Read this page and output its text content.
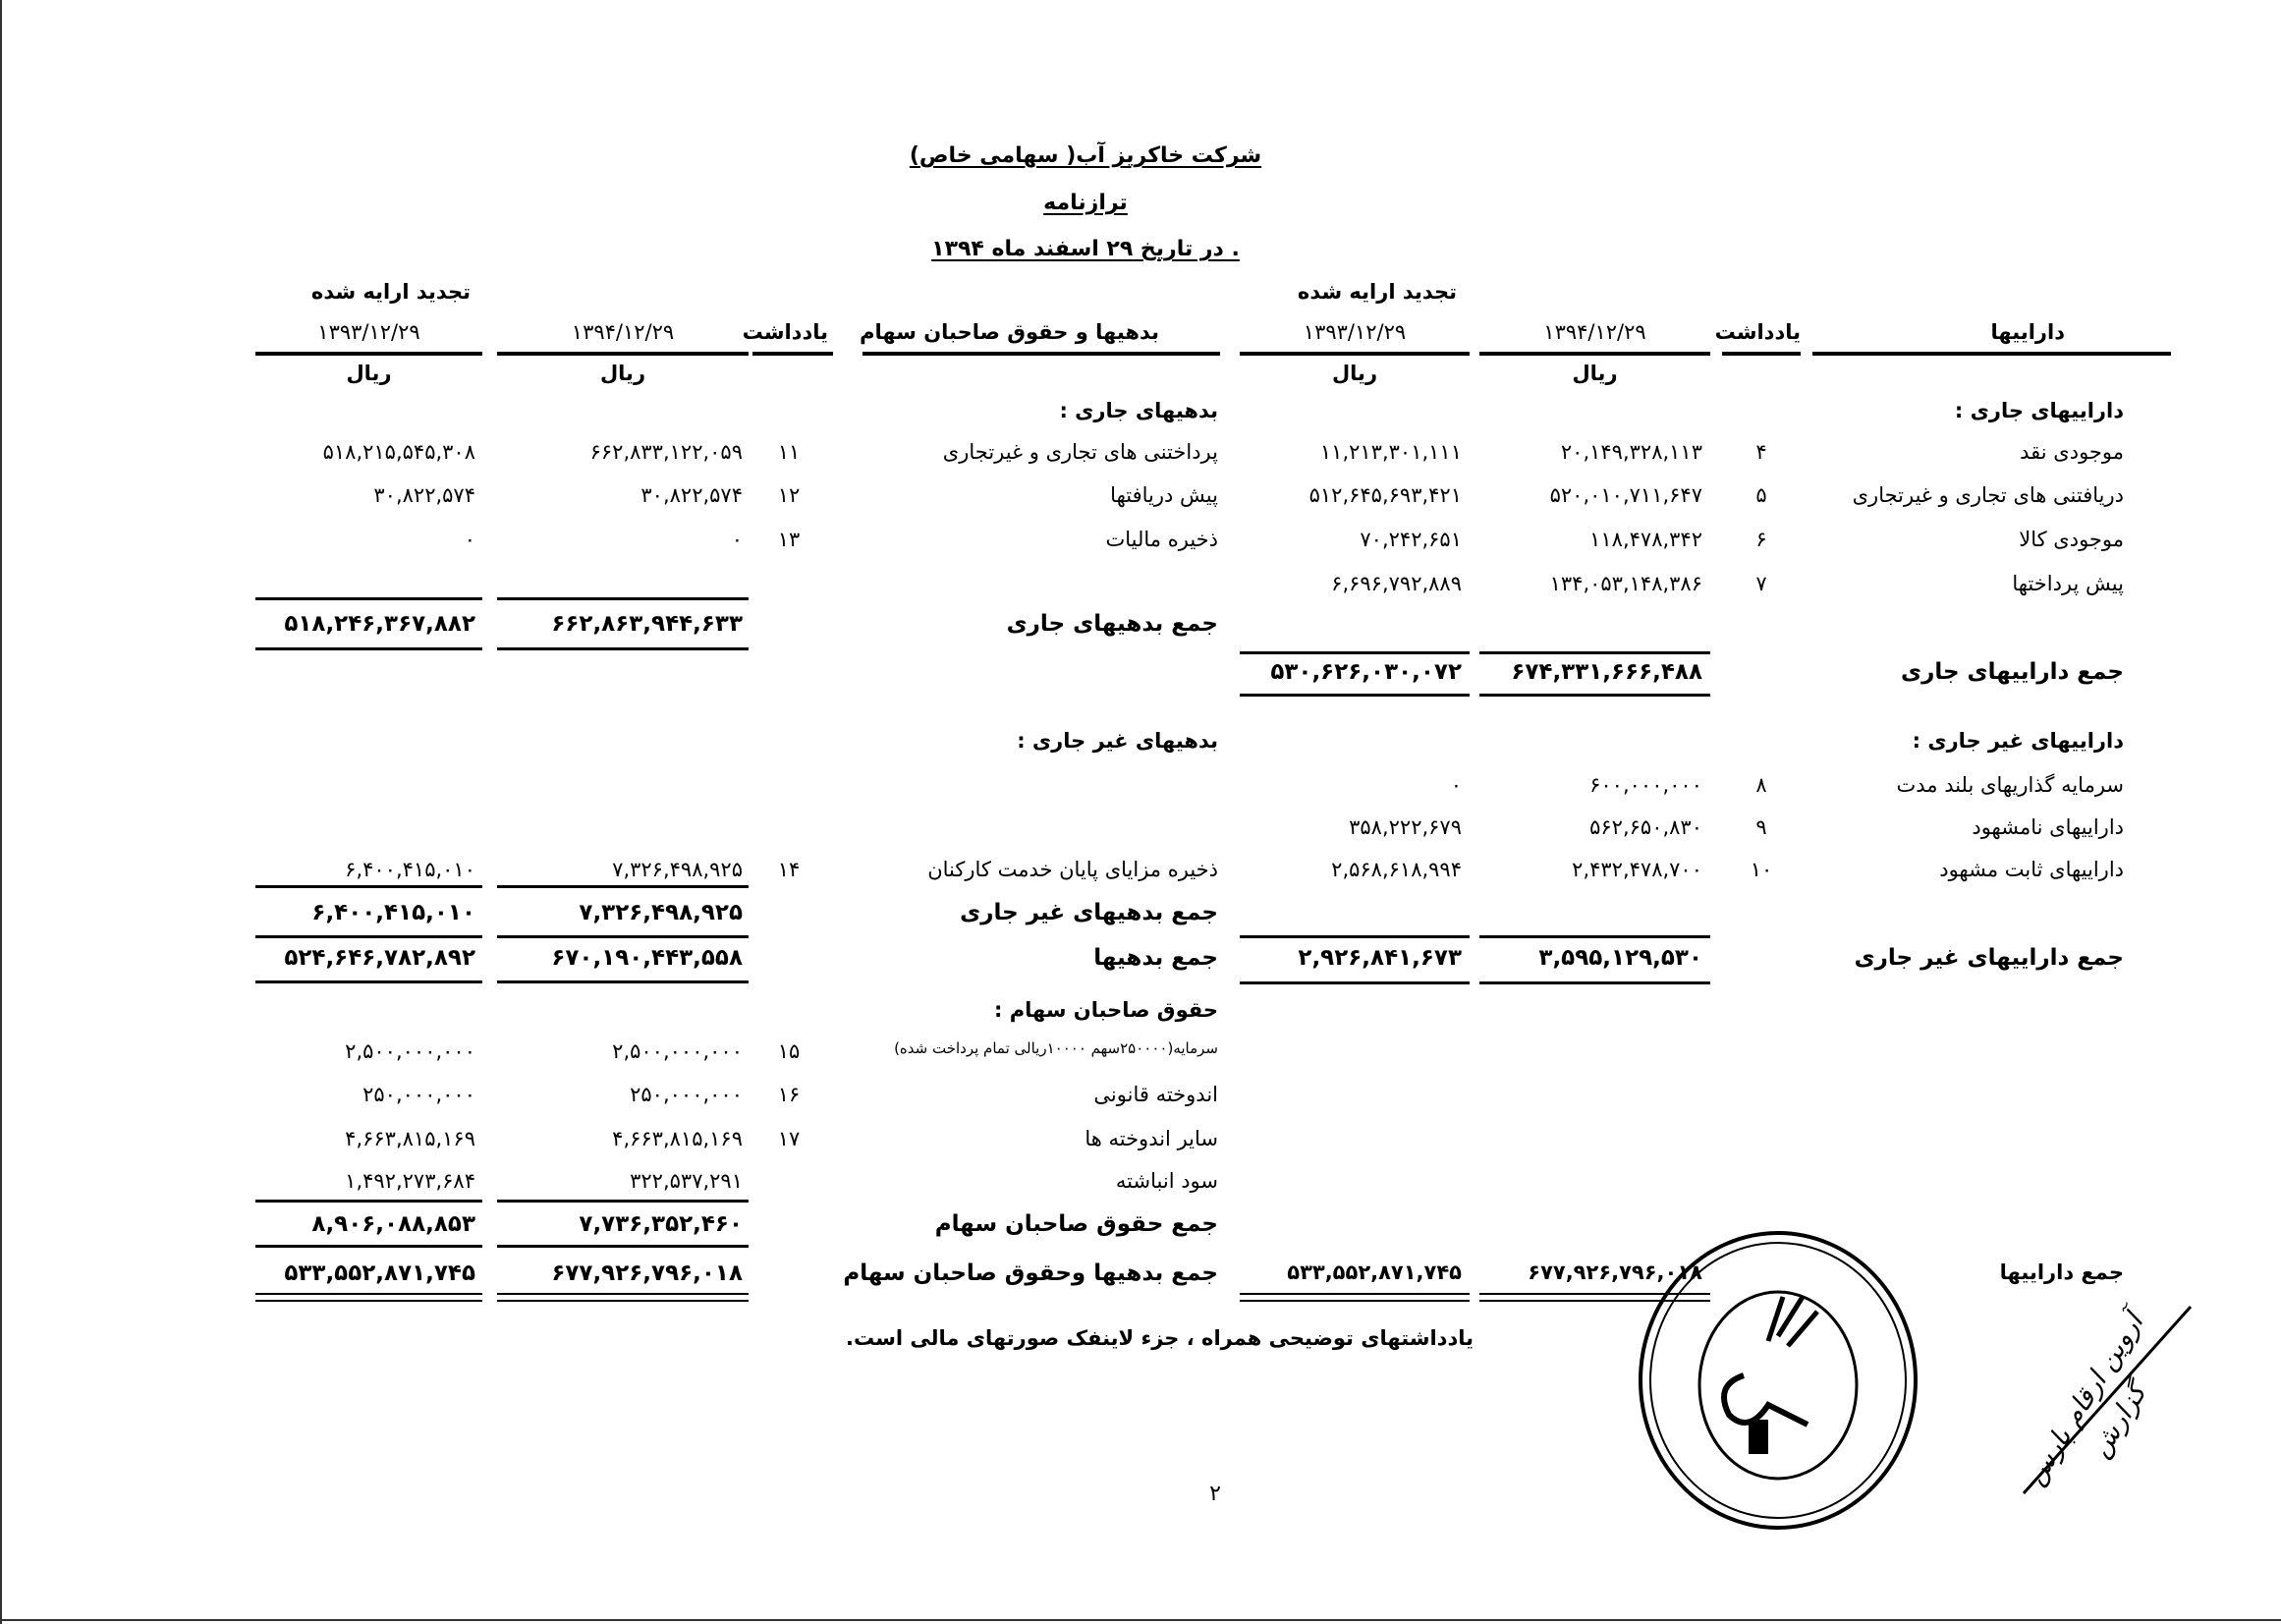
شرکت خاکریز آب( سهامی خاص)
ترازنامه
. در تاریخ ۲۹ اسفند ماه ۱۳۹۴
تجدید ارایه شده
داراییها
یادداشت
۱۳۹۴/۱۲/۲۹
۱۳۹۳/۱۲/۲۹
ریال
ریال
تجدید ارایه شده
بدهیها و حقوق صاحبان سهام
یادداشت
۱۳۹۴/۱۲/۲۹
۱۳۹۳/۱۲/۲۹
ریال
ریال
داراییهای جاری :
موجودی نقد
۴
۲۰,۱۴۹,۳۲۸,۱۱۳
۱۱,۲۱۳,۳۰۱,۱۱۱
دریافتنی های تجاری و غیرتجاری
۵
۵۲۰,۰۱۰,۷۱۱,۶۴۷
۵۱۲,۶۴۵,۶۹۳,۴۲۱
موجودی کالا
۶
۱۱۸,۴۷۸,۳۴۲
۷۰,۲۴۲,۶۵۱
پیش پرداختها
۷
۱۳۴,۰۵۳,۱۴۸,۳۸۶
۶,۶۹۶,۷۹۲,۸۸۹
جمع داراییهای جاری
۶۷۴,۳۳۱,۶۶۶,۴۸۸
۵۳۰,۶۲۶,۰۳۰,۰۷۲
داراییهای غیر جاری :
سرمایه گذاریهای بلند مدت
۸
۶۰۰,۰۰۰,۰۰۰
۰
داراییهای نامشهود
۹
۵۶۲,۶۵۰,۸۳۰
۳۵۸,۲۲۲,۶۷۹
داراییهای ثابت مشهود
۱۰
۲,۴۳۲,۴۷۸,۷۰۰
۲,۵۶۸,۶۱۸,۹۹۴
جمع داراییهای غیر جاری
۳,۵۹۵,۱۲۹,۵۳۰
۲,۹۲۶,۸۴۱,۶۷۳
جمع داراییها
۶۷۷,۹۲۶,۷۹۶,۰۱۸
۵۳۳,۵۵۲,۸۷۱,۷۴۵
بدهیهای جاری :
پرداختنی های تجاری و غیرتجاری
۱۱
۶۶۲,۸۳۳,۱۲۲,۰۵۹
۵۱۸,۲۱۵,۵۴۵,۳۰۸
پیش دریافتها
۱۲
۳۰,۸۲۲,۵۷۴
۳۰,۸۲۲,۵۷۴
ذخیره مالیات
۱۳
۰
۰
جمع بدهیهای جاری
۶۶۲,۸۶۳,۹۴۴,۶۳۳
۵۱۸,۲۴۶,۳۶۷,۸۸۲
بدهیهای غیر جاری :
ذخیره مزایای پایان خدمت کارکنان
۱۴
۷,۳۲۶,۴۹۸,۹۲۵
۶,۴۰۰,۴۱۵,۰۱۰
جمع بدهیهای غیر جاری
۷,۳۲۶,۴۹۸,۹۲۵
۶,۴۰۰,۴۱۵,۰۱۰
جمع بدهیها
۶۷۰,۱۹۰,۴۴۳,۵۵۸
۵۲۴,۶۴۶,۷۸۲,۸۹۲
حقوق صاحبان سهام :
سرمایه(۲۵۰۰۰۰سهم ۱۰۰۰۰ریالی تمام پرداخت شده)
۱۵
۲,۵۰۰,۰۰۰,۰۰۰
۲,۵۰۰,۰۰۰,۰۰۰
اندوخته قانونی
۱۶
۲۵۰,۰۰۰,۰۰۰
۲۵۰,۰۰۰,۰۰۰
سایر اندوخته ها
۱۷
۴,۶۶۳,۸۱۵,۱۶۹
۴,۶۶۳,۸۱۵,۱۶۹
سود انباشته
۳۲۲,۵۳۷,۲۹۱
۱,۴۹۲,۲۷۳,۶۸۴
جمع حقوق صاحبان سهام
۷,۷۳۶,۳۵۲,۴۶۰
۸,۹۰۶,۰۸۸,۸۵۳
جمع بدهیها وحقوق صاحبان سهام
۶۷۷,۹۲۶,۷۹۶,۰۱۸
۵۳۳,۵۵۲,۸۷۱,۷۴۵
یادداشتهای توضیحی همراه ، جزء لاینفک صورتهای مالی است.
۲
آروین ارقام پارس گزارش
